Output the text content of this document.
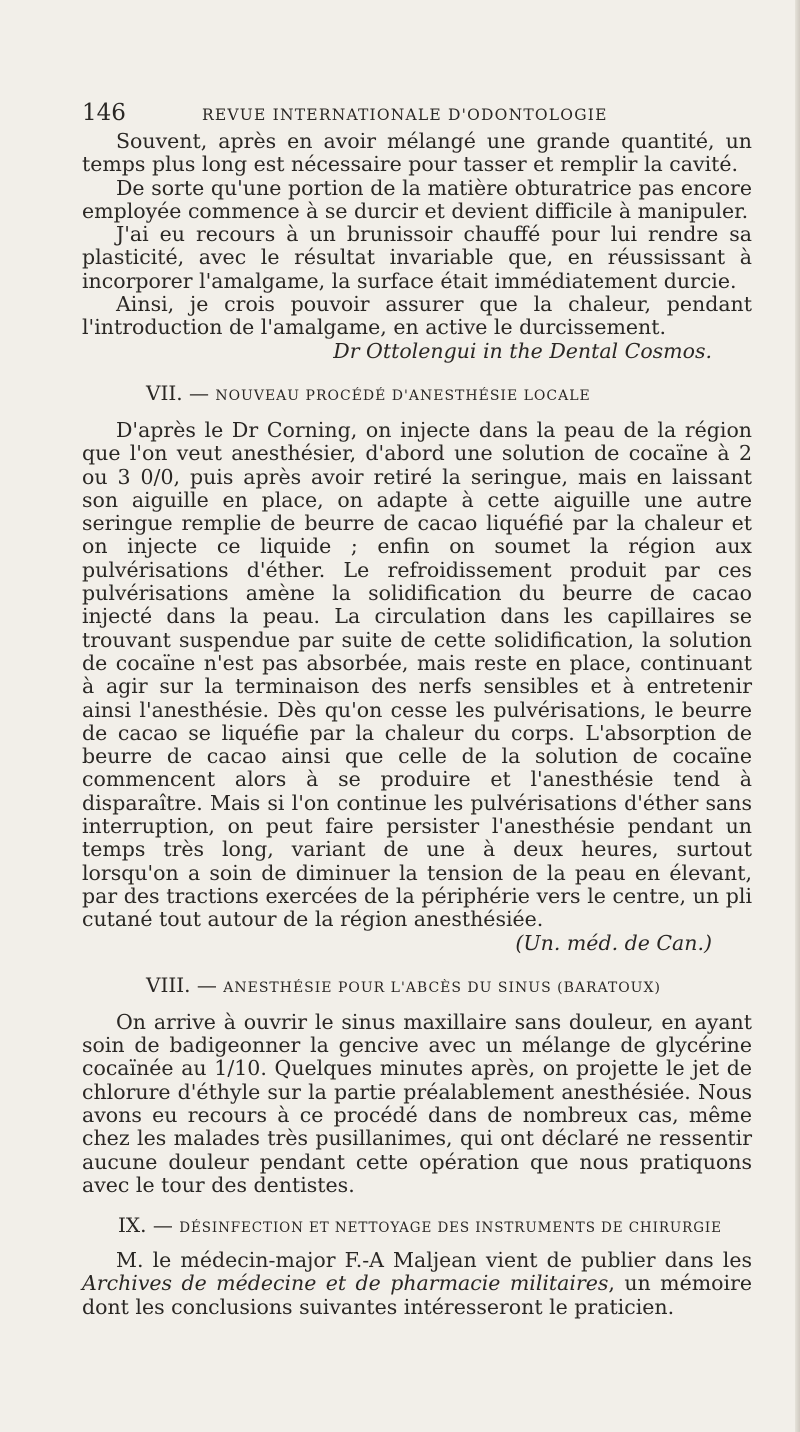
146	REVUE INTERNATIONALE D'ODONTOLOGIE

Souvent, après en avoir mélangé une grande quantité, un temps plus long est nécessaire pour tasser et remplir la cavité.

De sorte qu'une portion de la matière obturatrice pas encore employée commence à se durcir et devient difficile à manipuler.

J'ai eu recours à un brunissoir chauffé pour lui rendre sa plasticité, avec le résultat invariable que, en réussissant à incorporer l'amalgame, la surface était immédiatement durcie.

Ainsi, je crois pouvoir assurer que la chaleur, pendant l'introduction de l'amalgame, en active le durcissement.

Dr Ottolengui in the Dental Cosmos.
VII. — NOUVEAU PROCÉDÉ D'ANESTHÉSIE LOCALE

D'après le Dr Corning, on injecte dans la peau de la région que l'on veut anesthésier, d'abord une solution de cocaïne à 2 ou 3 0/0, puis après avoir retiré la seringue, mais en laissant son aiguille en place, on adapte à cette aiguille une autre seringue remplie de beurre de cacao liquéfié par la chaleur et on injecte ce liquide ; enfin on soumet la région aux pulvérisations d'éther. Le refroidissement produit par ces pulvérisations amène la solidification du beurre de cacao injecté dans la peau. La circulation dans les capillaires se trouvant suspendue par suite de cette solidification, la solution de cocaïne n'est pas absorbée, mais reste en place, continuant à agir sur la terminaison des nerfs sensibles et à entretenir ainsi l'anesthésie. Dès qu'on cesse les pulvérisations, le beurre de cacao se liquéfie par la chaleur du corps. L'absorption de beurre de cacao ainsi que celle de la solution de cocaïne commencent alors à se produire et l'anesthésie tend à disparaître. Mais si l'on continue les pulvérisations d'éther sans interruption, on peut faire persister l'anesthésie pendant un temps très long, variant de une à deux heures, surtout lorsqu'on a soin de diminuer la tension de la peau en élevant, par des tractions exercées de la périphérie vers le centre, un pli cutané tout autour de la région anesthésiée.

(Un. méd. de Can.)
VIII. — ANESTHÉSIE POUR L'ABCÈS DU SINUS (BARATOUX)

On arrive à ouvrir le sinus maxillaire sans douleur, en ayant soin de badigeonner la gencive avec un mélange de glycérine cocaïnée au 1/10. Quelques minutes après, on projette le jet de chlorure d'éthyle sur la partie préalablement anesthésiée. Nous avons eu recours à ce procédé dans de nombreux cas, même chez les malades très pusillanimes, qui ont déclaré ne ressentir aucune douleur pendant cette opération que nous pratiquons avec le tour des dentistes.

IX. — DÉSINFECTION ET NETTOYAGE DES INSTRUMENTS DE CHIRURGIE

M. le médecin-major F.-A Maljean vient de publier dans les Archives de médecine et de pharmacie militaires, un mémoire dont les conclusions suivantes intéresseront le praticien.
